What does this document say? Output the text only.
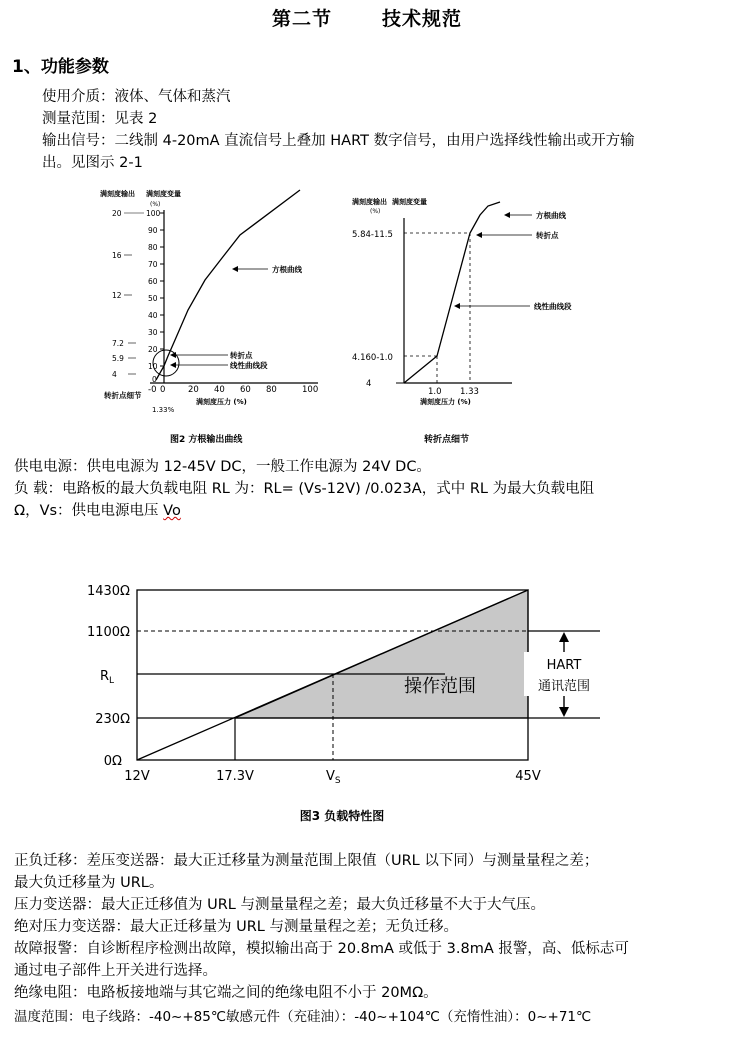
第二节	技术规范
1、功能参数
使用介质：液体、气体和蒸汽
测量范围：见表 2
输出信号：二线制 4-20mA 直流信号上叠加 HART 数字信号，由用户选择线性输出或开方输
出。见图示 2-1
满刻度输出 满刻度变量
(%)
100
90
80
70
60
50
40
30
20
10
0
20
16
12
7.2
5.9
4
-0 0	20 40 60 80	100
满刻度压力 (%)
1.33%
方根曲线
转折点
线性曲线段
转折点细节
图2 方根输出曲线
满刻度输出 满刻度变量
(%)
5.84-11.5
4.160-1.0
4
1.0 1.33
满刻度压力 (%)
方根曲线
转折点
线性曲线段
转折点细节
供电电源：供电电源为 12-45V DC，一般工作电源为 24V DC。
负 载：电路板的最大负载电阻 RL 为：RL= (Vs-12V) /0.023A，式中 RL 为最大负载电阻
Ω，Vs：供电电源电压 Vo
HART
通讯范围
操作范围
1430Ω
1100Ω
230Ω
0Ω
$R_L$
12V	17.3V	45V
$V_S$
图3 负载特性图
正负迁移：差压变送器：最大正迁移量为测量范围上限值（URL 以下同）与测量量程之差；
最大负迁移量为 URL。
压力变送器：最大正迁移值为 URL 与测量量程之差；最大负迁移量不大于大气压。
绝对压力变送器：最大正迁移量为 URL 与测量量程之差；无负迁移。
故障报警：自诊断程序检测出故障，模拟输出高于 20.8mA 或低于 3.8mA 报警，高、低标志可
通过电子部件上开关进行选择。
绝缘电阻：电路板接地端与其它端之间的绝缘电阻不小于 20MΩ。
温度范围：电子线路：-40~+85℃敏感元件（充硅油）：-40~+104℃（充惰性油）：0~+71℃
